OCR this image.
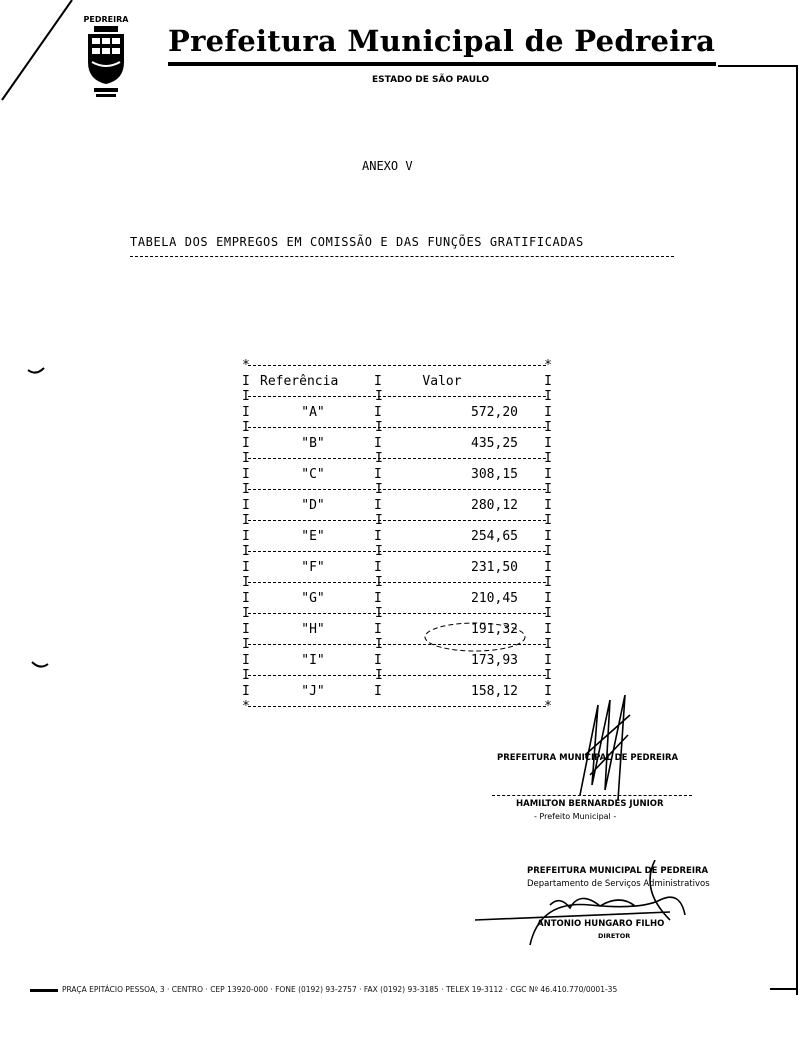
PEDREIRA
Prefeitura Municipal de Pedreira
ESTADO DE SÃO PAULO
ANEXO V
TABELA DOS EMPREGOS EM COMISSÃO E DAS FUNÇÕES GRATIFICADAS
*	*
I Referência	I	Valor	I
I	I	I
I	"A"	I	572,20 I
I	I	I
I	"B"	I	435,25 I
I	I	I
I	"C"	I	308,15 I
I	I	I
I	"D"	I	280,12 I
I	I	I
I	"E"	I	254,65 I
I	I	I
I	"F"	I	231,50 I
I	I	I
I	"G"	I	210,45 I
I	I	I
I	"H"	I	191,32 I
I	I	I
I	"I"	I	173,93 I
I	I	I
I	"J"	I	158,12 I
*	*
PREFEITURA MUNICIPAL DE PEDREIRA
HAMILTON BERNARDES JUNIOR
- Prefeito Municipal -
PREFEITURA MUNICIPAL DE PEDREIRA
Departamento de Serviços Administrativos
ANTONIO HUNGARO FILHO
DIRETOR
PRAÇA EPITÁCIO PESSOA, 3 · CENTRO · CEP 13920-000 · FONE (0192) 93-2757 · FAX (0192) 93-3185 · TELEX 19-3112 · CGC Nº 46.410.770/0001-35
